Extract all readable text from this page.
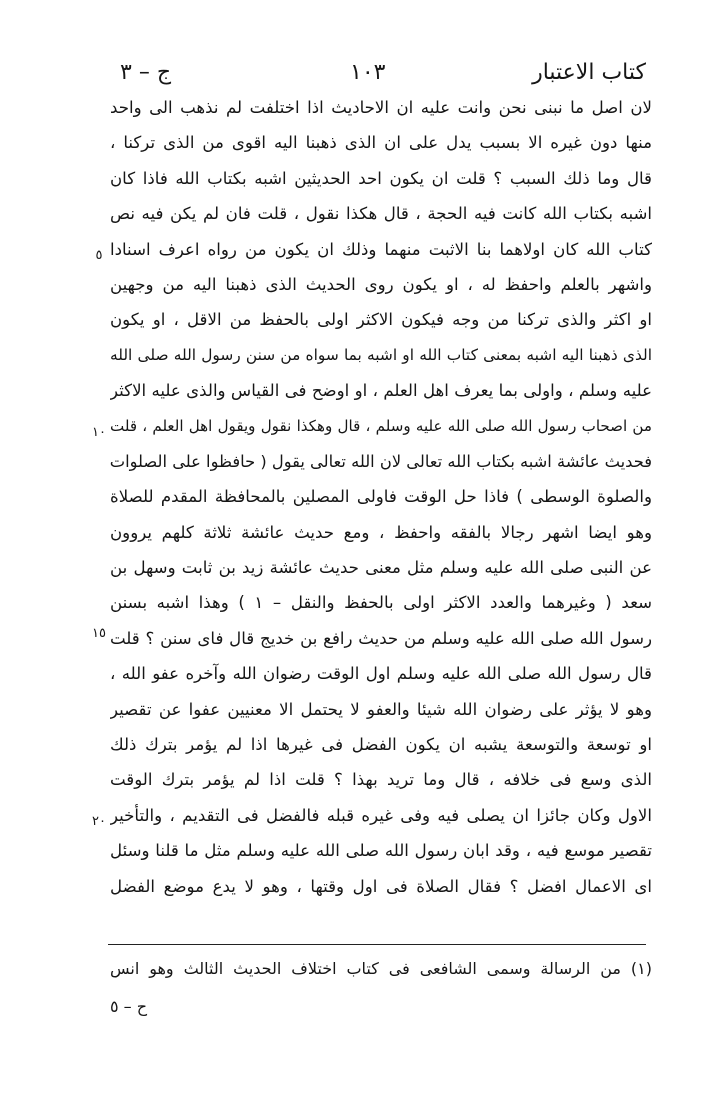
كتاب الاعتبار
١٠٣
ج – ٣
لان اصل ما نبنى نحن وانت عليه ان الاحاديث اذا اختلفت لم نذهب الى واحد
منها دون غيره الا بسبب يدل على ان الذى ذهبنا اليه اقوى من الذى تركنا ،
قال وما ذلك السبب ؟ قلت ان يكون احد الحديثين اشبه بكتاب الله فاذا كان
اشبه بكتاب الله كانت فيه الحجة ، قال هكذا نقول ، قلت فان لم يكن فيه نص
كتاب الله كان اولاهما بنا الاثبت منهما وذلك ان يكون من رواه اعرف اسنادا
واشهر بالعلم واحفظ له ، او يكون روى الحديث الذى ذهبنا اليه من وجهين
او اكثر والذى تركنا من وجه فيكون الاكثر اولى بالحفظ من الاقل ، او يكون
الذى ذهبنا اليه اشبه بمعنى كتاب الله او اشبه بما سواه من سنن رسول الله صلى الله
عليه وسلم ، واولى بما يعرف اهل العلم ، او اوضح فى القياس والذى عليه الاكثر
من اصحاب رسول الله صلى الله عليه وسلم ، قال وهكذا نقول ويقول اهل العلم ، قلت
فحديث عائشة اشبه بكتاب الله تعالى لان الله تعالى يقول ( حافظوا على الصلوات
والصلوة الوسطى ) فاذا حل الوقت فاولى المصلين بالمحافظة المقدم للصلاة
وهو ايضا اشهر رجالا بالفقه واحفظ ، ومع حديث عائشة ثلاثة كلهم يروون
عن النبى صلى الله عليه وسلم مثل معنى حديث عائشة زيد بن ثابت وسهل بن
سعد ( وغيرهما والعدد الاكثر اولى بالحفظ والنقل – ١ ) وهذا اشبه بسنن
رسول الله صلى الله عليه وسلم من حديث رافع بن خديج قال فاى سنن ؟ قلت
قال رسول الله صلى الله عليه وسلم اول الوقت رضوان الله وآخره عفو الله ،
وهو لا يؤثر على رضوان الله شيئا والعفو لا يحتمل الا معنيين عفوا عن تقصير
او توسعة والتوسعة يشبه ان يكون الفضل فى غيرها اذا لم يؤمر بترك ذلك
الذى وسع فى خلافه ، قال وما تريد بهذا ؟ قلت اذا لم يؤمر بترك الوقت
الاول وكان جائزا ان يصلى فيه وفى غيره قبله فالفضل فى التقديم ، والتأخير
تقصير موسع فيه ، وقد ابان رسول الله صلى الله عليه وسلم مثل ما قلنا وسئل
اى الاعمال افضل ؟ فقال الصلاة فى اول وقتها ، وهو لا يدع موضع الفضل
٥
١٠
١٥
٢٠
(١) من الرسالة وسمى الشافعى فى كتاب اختلاف الحديث الثالث وهو انس
ح – ٥
